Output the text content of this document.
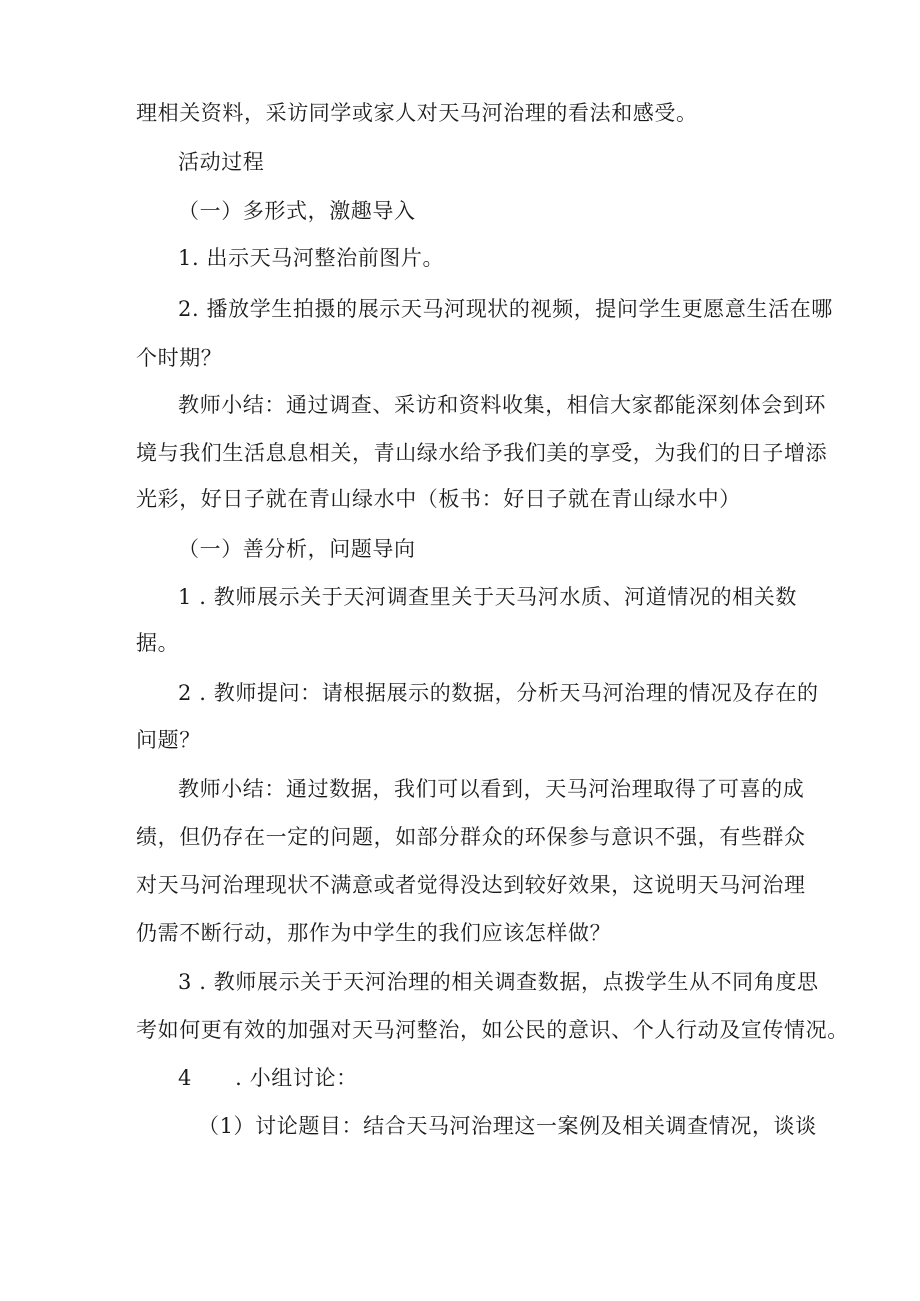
理相关资料，采访同学或家人对天马河治理的看法和感受。
活动过程
（一）多形式，激趣导入
1. 出示天马河整治前图片。
2. 播放学生拍摄的展示天马河现状的视频，提问学生更愿意生活在哪
个时期？
教师小结：通过调查、采访和资料收集，相信大家都能深刻体会到环
境与我们生活息息相关，青山绿水给予我们美的享受，为我们的日子增添
光彩，好日子就在青山绿水中（板书：好日子就在青山绿水中）
（一）善分析，问题导向
1 . 教师展示关于天河调查里关于天马河水质、河道情况的相关数
据。
2 . 教师提问：请根据展示的数据，分析天马河治理的情况及存在的
问题？
教师小结：通过数据，我们可以看到，天马河治理取得了可喜的成
绩，但仍存在一定的问题，如部分群众的环保参与意识不强，有些群众
对天马河治理现状不满意或者觉得没达到较好效果，这说明天马河治理
仍需不断行动，那作为中学生的我们应该怎样做？
3 . 教师展示关于天河治理的相关调查数据，点拨学生从不同角度思
考如何更有效的加强对天马河整治，如公民的意识、个人行动及宣传情况。
4　　. 小组讨论：
（1）讨论题目：结合天马河治理这一案例及相关调查情况，谈谈
